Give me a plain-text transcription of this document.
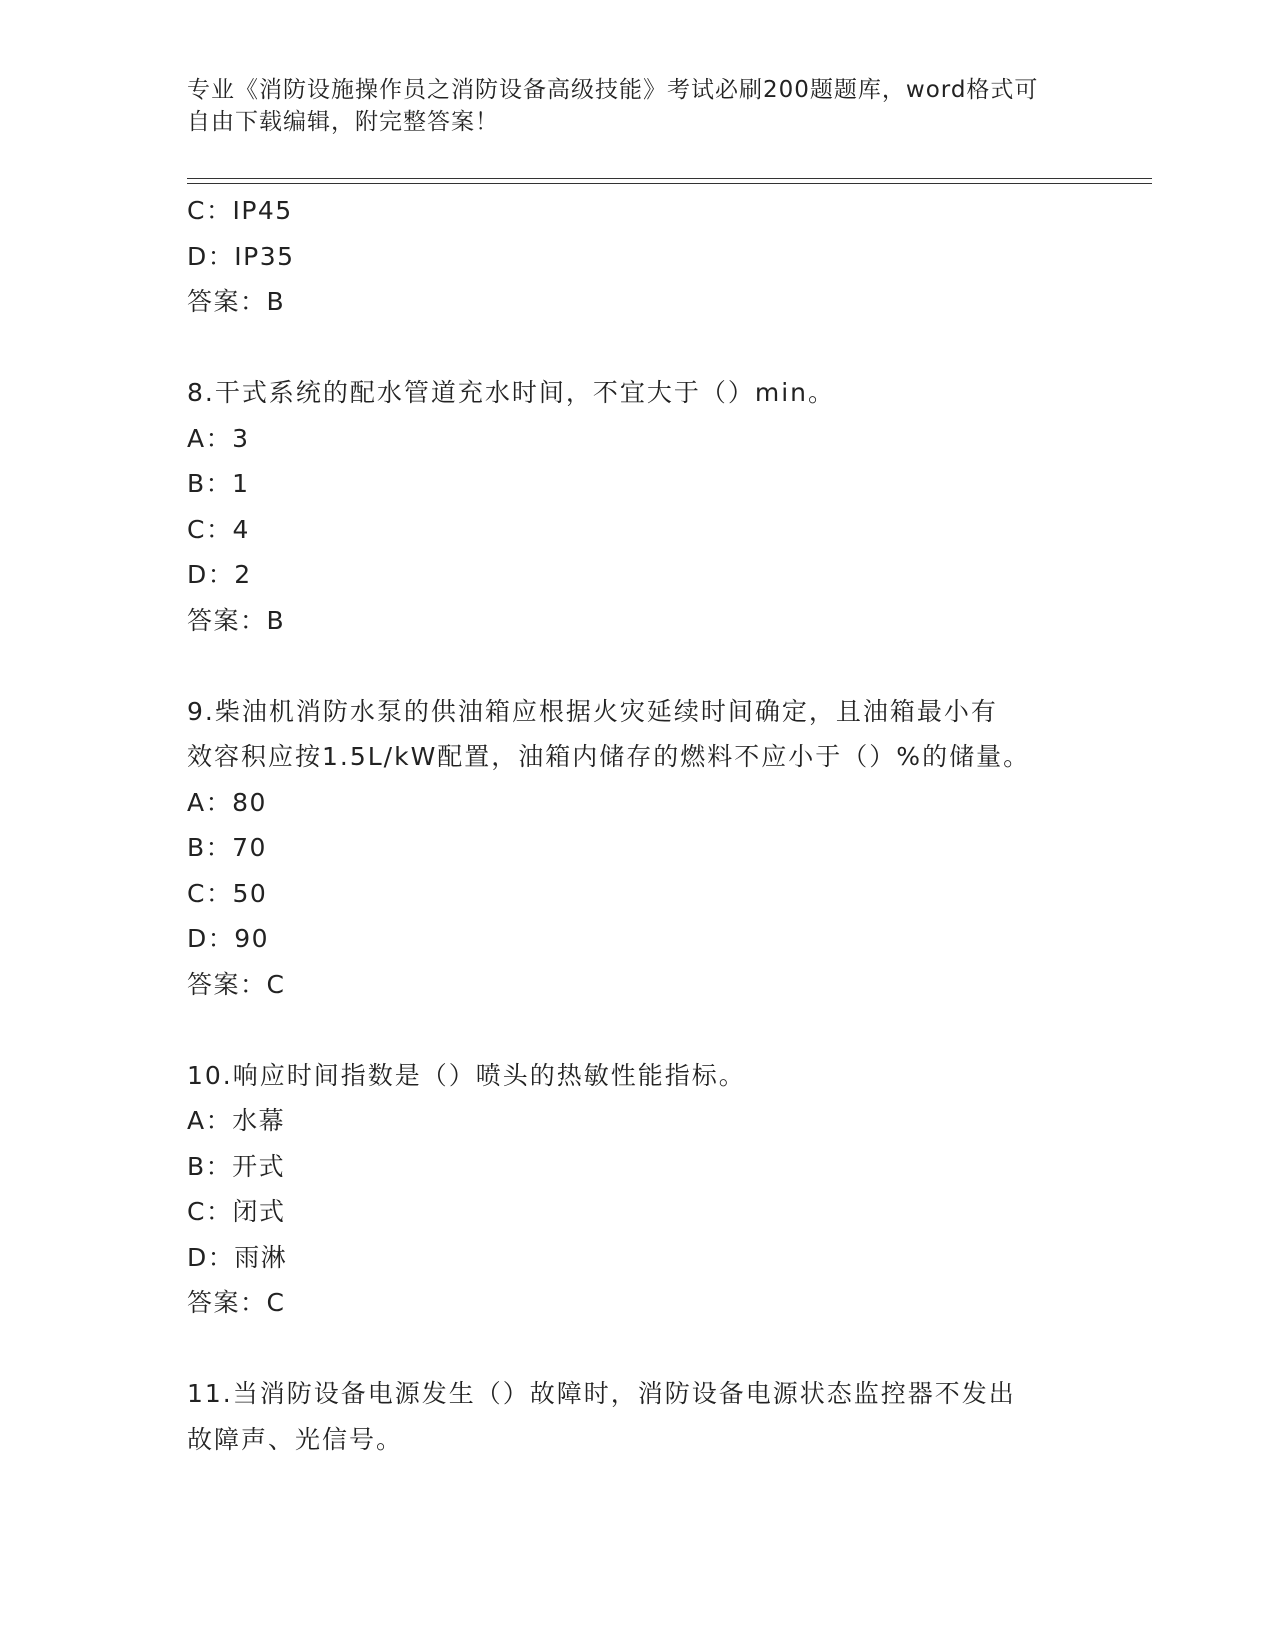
专业《消防设施操作员之消防设备高级技能》考试必刷200题题库，word格式可
自由下载编辑，附完整答案！
C：IP45
D：IP35
答案：B
8.干式系统的配水管道充水时间，不宜大于（）min。
A：3
B：1
C：4
D：2
答案：B
9.柴油机消防水泵的供油箱应根据火灾延续时间确定，且油箱最小有
效容积应按1.5L/kW配置，油箱内储存的燃料不应小于（）%的储量。
A：80
B：70
C：50
D：90
答案：C
10.响应时间指数是（）喷头的热敏性能指标。
A：水幕
B：开式
C：闭式
D：雨淋
答案：C
11.当消防设备电源发生（）故障时，消防设备电源状态监控器不发出
故障声、光信号。
